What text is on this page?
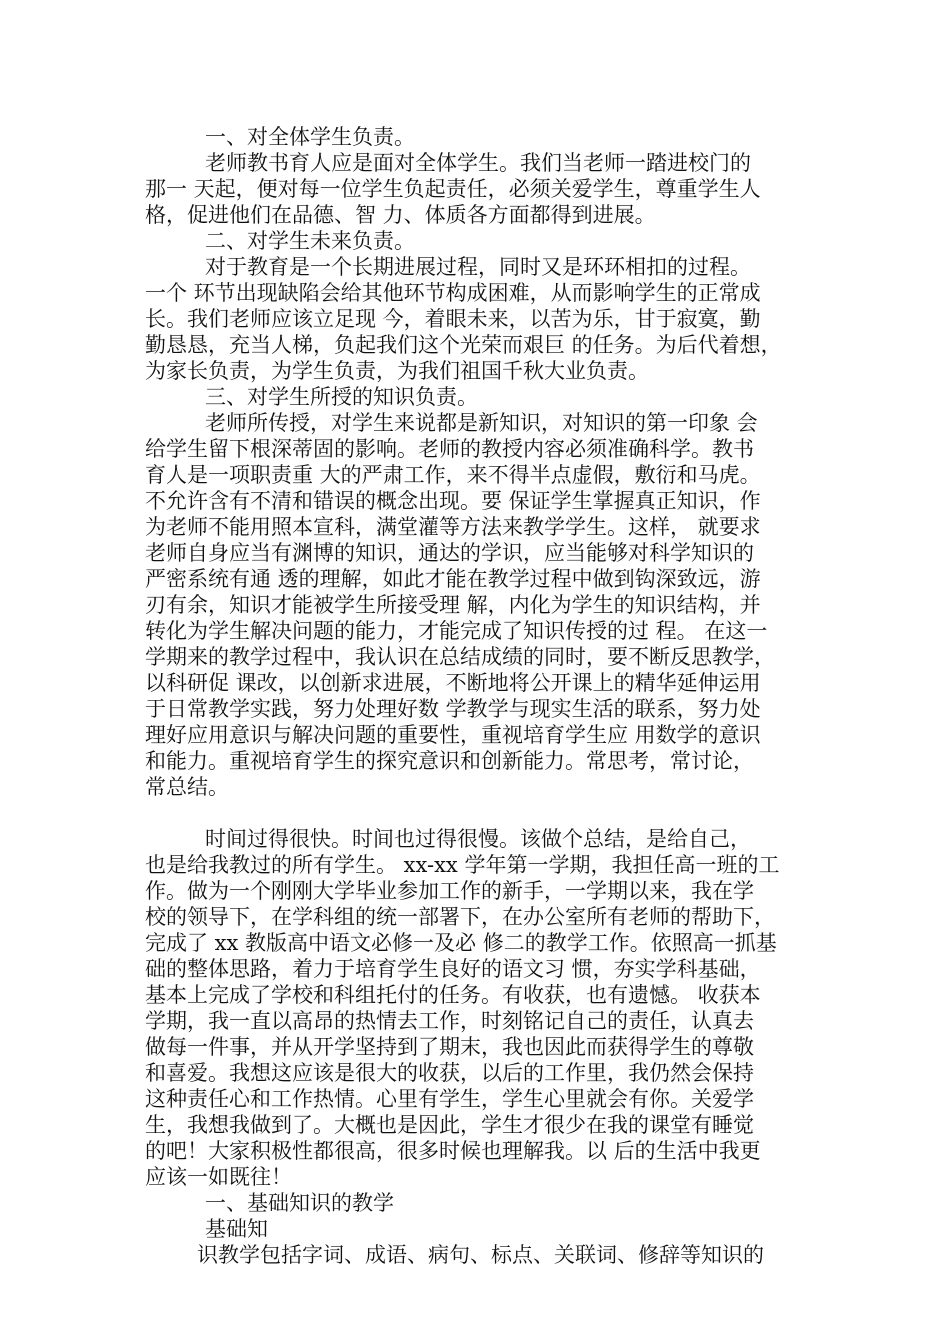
一、对全体学生负责。
老师教书育人应是面对全体学生。我们当老师一踏进校门的
那一 天起，便对每一位学生负起责任，必须关爱学生，尊重学生人
格，促进他们在品德、智 力、体质各方面都得到进展。
二、对学生未来负责。
对于教育是一个长期进展过程，同时又是环环相扣的过程。
一个 环节出现缺陷会给其他环节构成困难，从而影响学生的正常成
长。我们老师应该立足现 今，着眼未来，以苦为乐，甘于寂寞，勤
勤恳恳，充当人梯，负起我们这个光荣而艰巨 的任务。为后代着想，
为家长负责，为学生负责，为我们祖国千秋大业负责。
三、对学生所授的知识负责。
老师所传授，对学生来说都是新知识，对知识的第一印象 会
给学生留下根深蒂固的影响。老师的教授内容必须准确科学。教书
育人是一项职责重 大的严肃工作，来不得半点虚假，敷衍和马虎。
不允许含有不清和错误的概念出现。要 保证学生掌握真正知识，作
为老师不能用照本宣科，满堂灌等方法来教学学生。这样， 就要求
老师自身应当有渊博的知识，通达的学识，应当能够对科学知识的
严密系统有通 透的理解，如此才能在教学过程中做到钩深致远，游
刃有余，知识才能被学生所接受理 解，内化为学生的知识结构，并
转化为学生解决问题的能力，才能完成了知识传授的过 程。 在这一
学期来的教学过程中，我认识在总结成绩的同时，要不断反思教学，
以科研促 课改，以创新求进展，不断地将公开课上的精华延伸运用
于日常教学实践，努力处理好数 学教学与现实生活的联系，努力处
理好应用意识与解决问题的重要性，重视培育学生应 用数学的意识
和能力。重视培育学生的探究意识和创新能力。常思考，常讨论，
常总结。
时间过得很快。时间也过得很慢。该做个总结，是给自己，
也是给我教过的所有学生。 xx-xx 学年第一学期，我担任高一班的工
作。做为一个刚刚大学毕业参加工作的新手，一学期以来，我在学
校的领导下，在学科组的统一部署下，在办公室所有老师的帮助下，
完成了 xx 教版高中语文必修一及必 修二的教学工作。依照高一抓基
础的整体思路，着力于培育学生良好的语文习 惯，夯实学科基础，
基本上完成了学校和科组托付的任务。有收获，也有遗憾。 收获本
学期，我一直以高昂的热情去工作，时刻铭记自己的责任，认真去
做每一件事，并从开学坚持到了期末，我也因此而获得学生的尊敬
和喜爱。我想这应该是很大的收获，以后的工作里，我仍然会保持
这种责任心和工作热情。心里有学生，学生心里就会有你。关爱学
生，我想我做到了。大概也是因此，学生才很少在我的课堂有睡觉
的吧！大家积极性都很高，很多时候也理解我。以 后的生活中我更
应该一如既往！
一、基础知识的教学
基础知
识教学包括字词、成语、病句、标点、关联词、修辞等知识的
